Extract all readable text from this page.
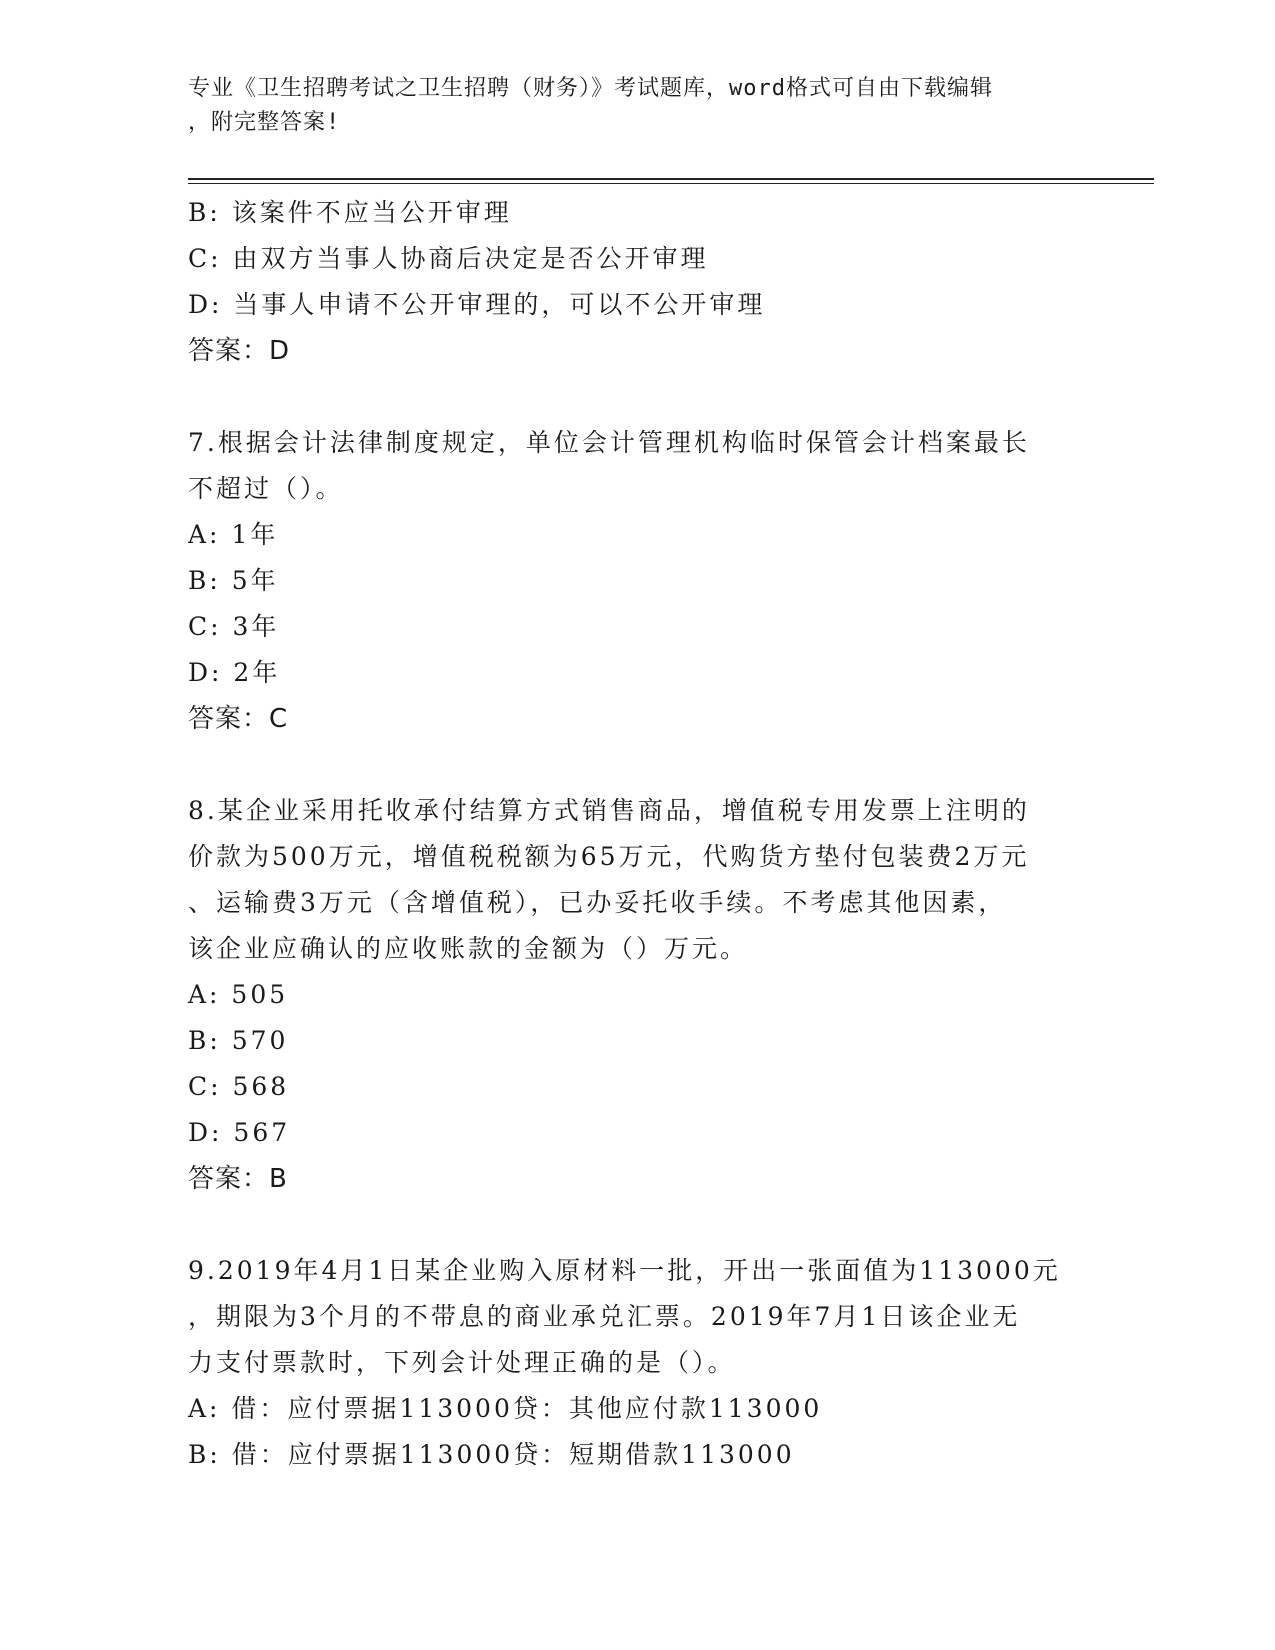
专业《卫生招聘考试之卫生招聘（财务）》考试题库，word格式可自由下载编辑
，附完整答案!

B: 该案件不应当公开审理

C: 由双方当事人协商后决定是否公开审理

D: 当事人申请不公开审理的，可以不公开审理

答案：D

7.根据会计法律制度规定，单位会计管理机构临时保管会计档案最长

不超过（）。

A: 1年

B: 5年

C: 3年

D: 2年

答案：C

8.某企业采用托收承付结算方式销售商品，增值税专用发票上注明的

价款为500万元，增值税税额为65万元，代购货方垫付包装费2万元

、运输费3万元（含增值税），已办妥托收手续。不考虑其他因素，

该企业应确认的应收账款的金额为（）万元。

A: 505

B: 570

C: 568

D: 567

答案：B

9.2019年4月1日某企业购入原材料一批，开出一张面值为113000元

，期限为3个月的不带息的商业承兑汇票。2019年7月1日该企业无

力支付票款时，下列会计处理正确的是（）。

A: 借：应付票据113000贷：其他应付款113000

B: 借：应付票据113000贷：短期借款113000
